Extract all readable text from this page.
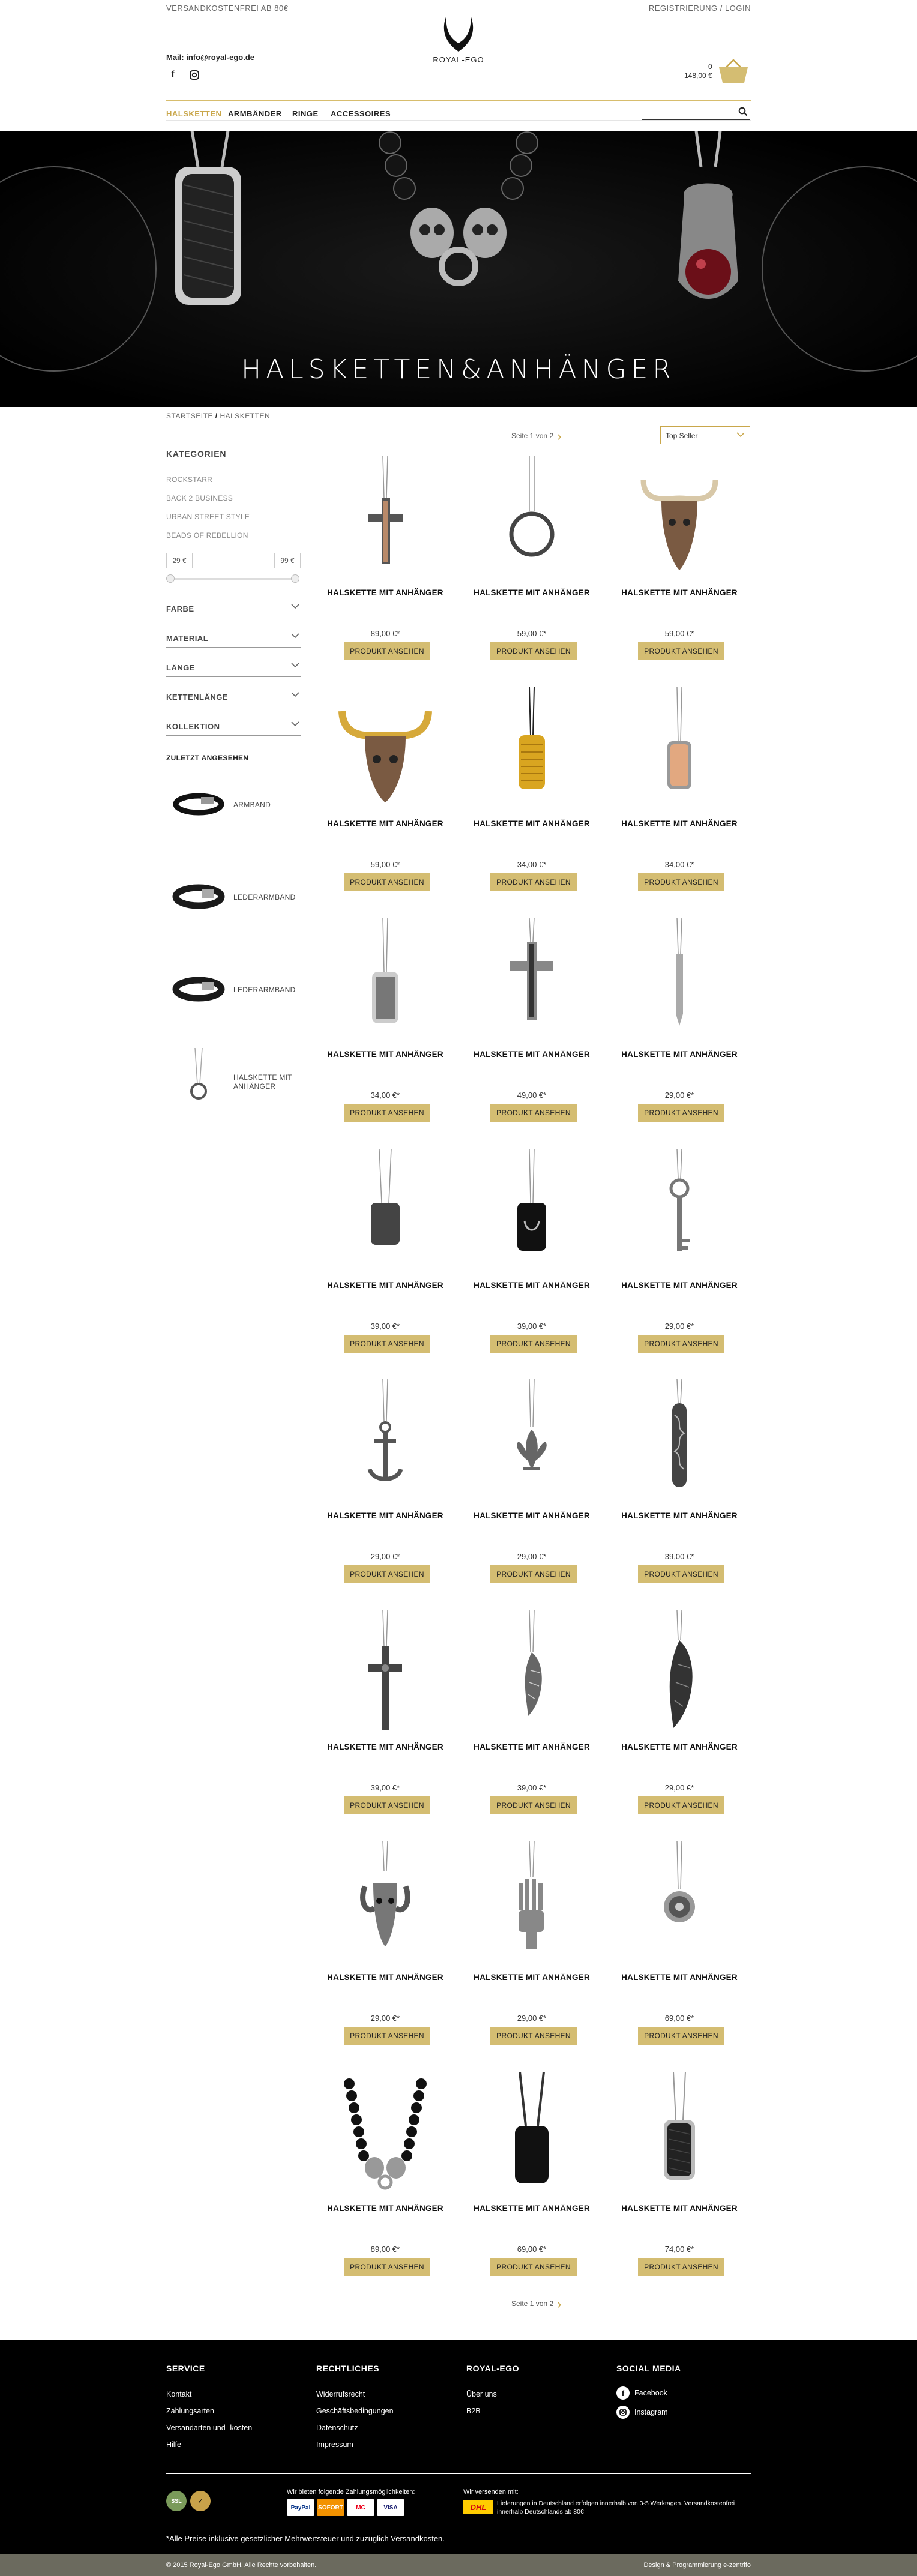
VERSANDKOSTENFREI AB 80€	REGISTRIERUNG / LOGIN
ROYAL-EGO
Mail: info@royal-ego.de
f
0
148,00 €
HALSKETTEN ARMBÄNDER RINGE ACCESSOIRES
HALSKETTEN&ANHÄNGER
STARTSEITE / HALSKETTEN
KATEGORIEN
ROCKSTARR
BACK 2 BUSINESS
URBAN STREET STYLE
BEADS OF REBELLION
29 €	99 €
FARBE
MATERIAL
LÄNGE
KETTENLÄNGE
KOLLEKTION
ZULETZT ANGESEHEN
ARMBAND
LEDERARMBAND
LEDERARMBAND
HALSKETTE MIT ANHÄNGER
Seite 1 von 2 ›	Top Seller
HALSKETTE MIT ANHÄNGER
89,00 €*
PRODUKT ANSEHEN
HALSKETTE MIT ANHÄNGER
59,00 €*
PRODUKT ANSEHEN
HALSKETTE MIT ANHÄNGER
59,00 €*
PRODUKT ANSEHEN
HALSKETTE MIT ANHÄNGER
59,00 €*
PRODUKT ANSEHEN
HALSKETTE MIT ANHÄNGER
34,00 €*
PRODUKT ANSEHEN
HALSKETTE MIT ANHÄNGER
34,00 €*
PRODUKT ANSEHEN
HALSKETTE MIT ANHÄNGER
34,00 €*
PRODUKT ANSEHEN
HALSKETTE MIT ANHÄNGER
49,00 €*
PRODUKT ANSEHEN
HALSKETTE MIT ANHÄNGER
29,00 €*
PRODUKT ANSEHEN
HALSKETTE MIT ANHÄNGER
39,00 €*
PRODUKT ANSEHEN
HALSKETTE MIT ANHÄNGER
39,00 €*
PRODUKT ANSEHEN
HALSKETTE MIT ANHÄNGER
29,00 €*
PRODUKT ANSEHEN
HALSKETTE MIT ANHÄNGER
29,00 €*
PRODUKT ANSEHEN
HALSKETTE MIT ANHÄNGER
29,00 €*
PRODUKT ANSEHEN
HALSKETTE MIT ANHÄNGER
39,00 €*
PRODUKT ANSEHEN
HALSKETTE MIT ANHÄNGER
39,00 €*
PRODUKT ANSEHEN
HALSKETTE MIT ANHÄNGER
39,00 €*
PRODUKT ANSEHEN
HALSKETTE MIT ANHÄNGER
29,00 €*
PRODUKT ANSEHEN
HALSKETTE MIT ANHÄNGER
29,00 €*
PRODUKT ANSEHEN
HALSKETTE MIT ANHÄNGER
29,00 €*
PRODUKT ANSEHEN
HALSKETTE MIT ANHÄNGER
69,00 €*
PRODUKT ANSEHEN
HALSKETTE MIT ANHÄNGER
89,00 €*
PRODUKT ANSEHEN
HALSKETTE MIT ANHÄNGER
69,00 €*
PRODUKT ANSEHEN
HALSKETTE MIT ANHÄNGER
74,00 €*
PRODUKT ANSEHEN
Seite 1 von 2 ›
SERVICE
Kontakt
Zahlungsarten
Versandarten und -kosten
Hilfe
RECHTLICHES
Widerrufsrecht
Geschäftsbedingungen
Datenschutz
Impressum
ROYAL-EGO
Über uns
B2B
SOCIAL MEDIA
f	Facebook
Instagram
SSL	✓
Wir bieten folgende Zahlungsmöglichkeiten:
PayPal	SOFORT	MC	VISA
Wir versenden mit:
DHL	Lieferungen in Deutschland erfolgen innerhalb von 3-5 Werktagen. Versandkostenfrei innerhalb Deutschlands ab 80€
*Alle Preise inklusive gesetzlicher Mehrwertsteuer und zuzüglich Versandkosten.
© 2015 Royal-Ego GmbH. Alle Rechte vorbehalten.	Design & Programmierung e-zentrifo
